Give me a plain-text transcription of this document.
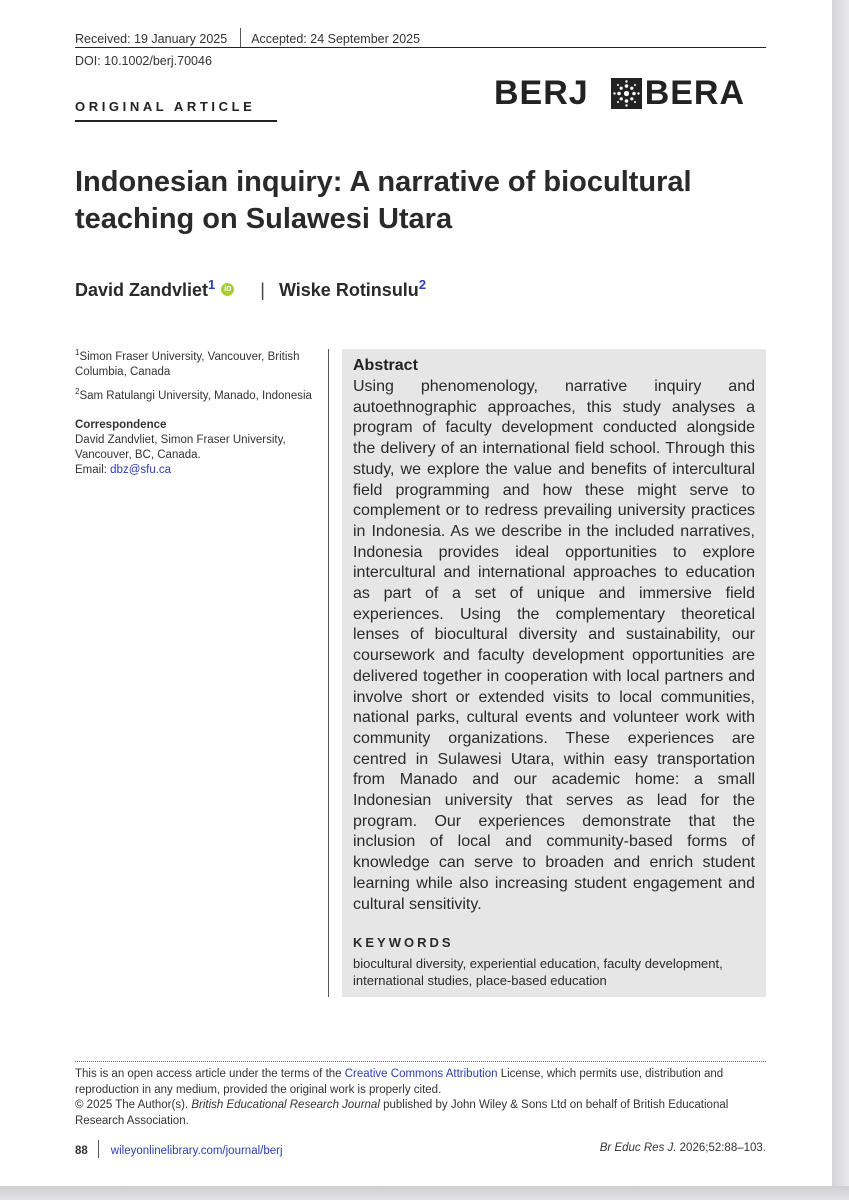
Received: 19 January 2025 Accepted: 24 September 2025
DOI: 10.1002/berj.70046
ORIGINAL ARTICLE	BERJ BERA
Indonesian inquiry: A narrative of biocultural teaching on Sulawesi Utara
David Zandvliet$^1$ iD | Wiske Rotinsulu$^2$

$^1$Simon Fraser University, Vancouver, British Columbia, Canada

$^2$Sam Ratulangi University, Manado, Indonesia

Correspondence

David Zandvliet, Simon Fraser University, Vancouver, BC, Canada.
Email: dbz@sfu.ca

Abstract
Using phenomenology, narrative inquiry and autoethnographic approaches, this study analyses a program of faculty development conducted alongside the delivery of an international field school. Through this study, we explore the value and benefits of intercultural field programming and how these might serve to complement or to redress prevailing university practices in Indonesia. As we describe in the included narratives, Indonesia provides ideal opportunities to explore intercultural and international approaches to education as part of a set of unique and immersive field experiences. Using the complementary theoretical lenses of biocultural diversity and sustainability, our coursework and faculty development opportunities are delivered together in cooperation with local partners and involve short or extended visits to local communities, national parks, cultural events and volunteer work with community organizations. These experiences are centred in Sulawesi Utara, within easy transportation from Manado and our academic home: a small Indonesian university that serves as lead for the program. Our experiences demonstrate that the inclusion of local and community-based forms of knowledge can serve to broaden and enrich student learning while also increasing student engagement and cultural sensitivity.
KEYWORDS
biocultural diversity, experiential education, faculty development, international studies, place-based education
This is an open access article under the terms of the Creative Commons Attribution License, which permits use, distribution and reproduction in any medium, provided the original work is properly cited.
© 2025 The Author(s). British Educational Research Journal published by John Wiley & Sons Ltd on behalf of British Educational Research Association.
88 wileyonlinelibrary.com/journal/berj	Br Educ Res J. 2026;52:88–103.
